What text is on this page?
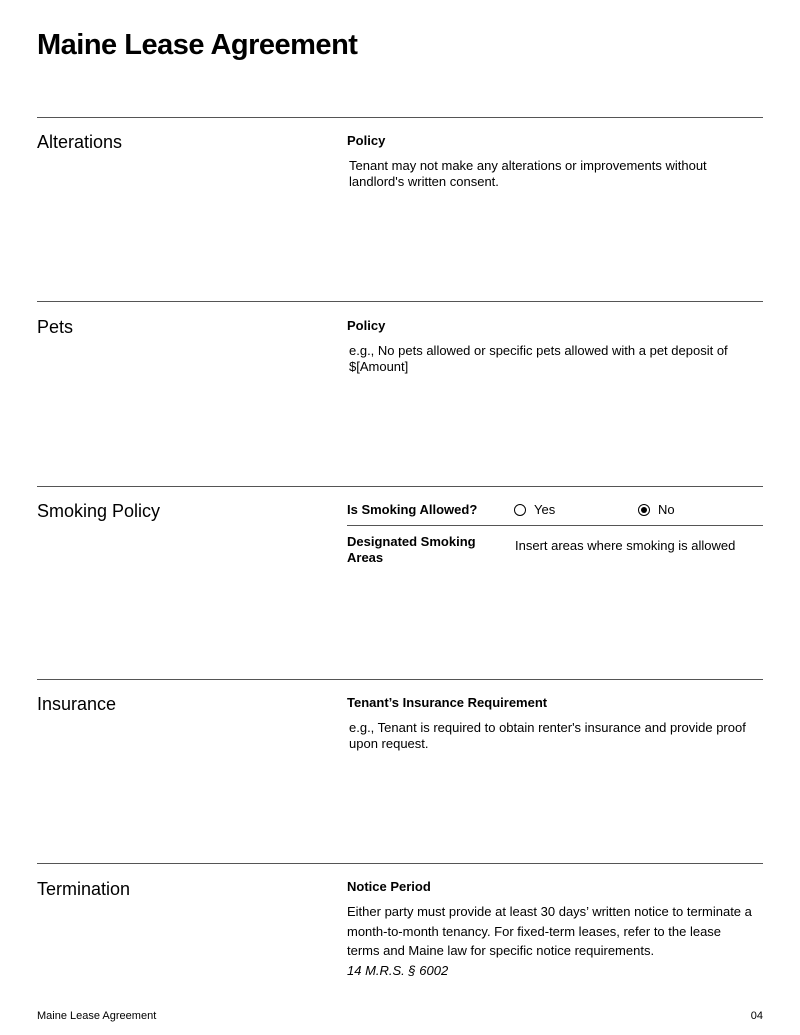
Maine Lease Agreement
Alterations	Policy
Tenant may not make any alterations or improvements without landlord's written consent.
Pets	Policy
e.g., No pets allowed or specific pets allowed with a pet deposit of $[Amount]
Smoking Policy	Is Smoking Allowed?	Yes	No
Designated Smoking Areas
Insert areas where smoking is allowed
Insurance	Tenant’s Insurance Requirement
e.g., Tenant is required to obtain renter's insurance and provide proof upon request.
Termination	Notice Period
Either party must provide at least 30 days’ written notice to terminate a month-to-month tenancy. For fixed-term leases, refer to the lease terms and Maine law for specific notice requirements.
14 M.R.S. § 6002
Maine Lease Agreement	04
